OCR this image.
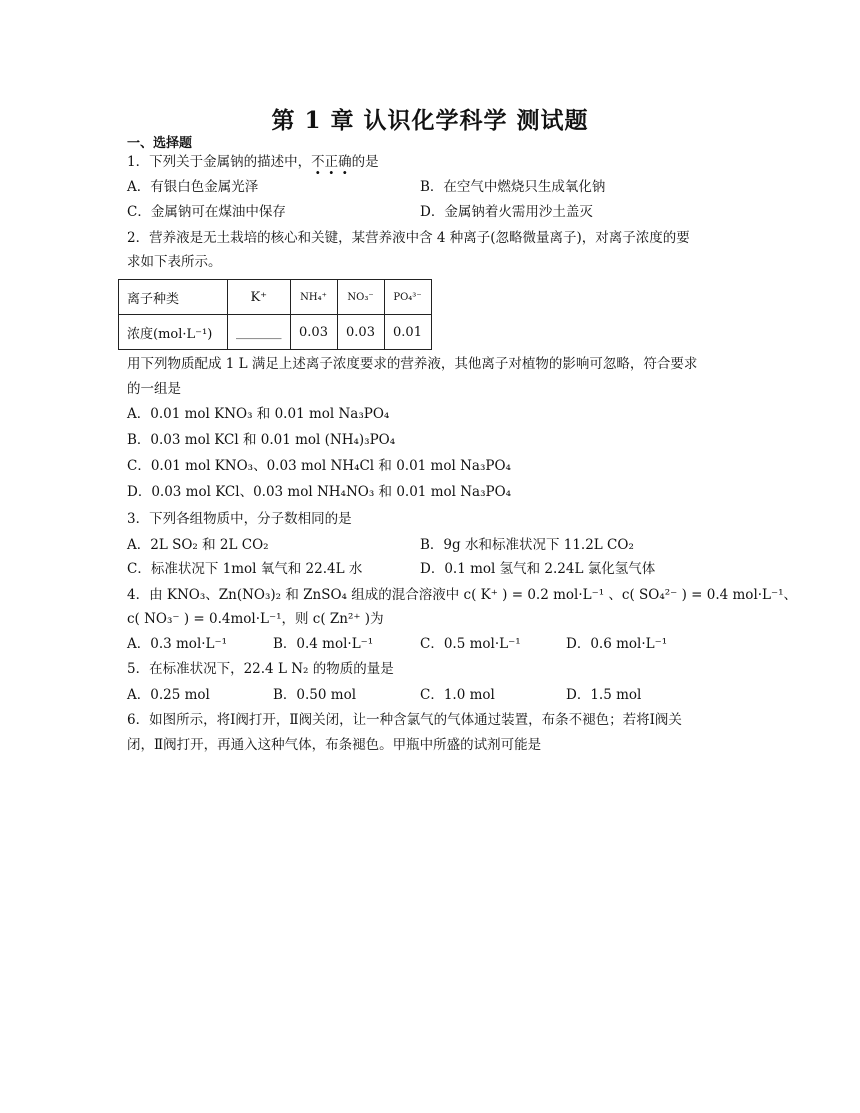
第 1 章 认识化学科学 测试题
一、选择题
1．下列关于金属钠的描述中，不正确的是
A．有银白色金属光泽	B．在空气中燃烧只生成氧化钠
C．金属钠可在煤油中保存	D．金属钠着火需用沙土盖灭
2．营养液是无土栽培的核心和关键，某营养液中含 4 种离子(忽略微量离子)，对离子浓度的要
求如下表所示。
离子种类	K⁺	NH₄⁺	NO₃⁻	PO₄³⁻
浓度(mol·L⁻¹)	_______	0.03	0.03	0.01
用下列物质配成 1 L 满足上述离子浓度要求的营养液，其他离子对植物的影响可忽略，符合要求
的一组是
A．0.01 mol KNO₃ 和 0.01 mol Na₃PO₄
B．0.03 mol KCl 和 0.01 mol (NH₄)₃PO₄
C．0.01 mol KNO₃、0.03 mol NH₄Cl 和 0.01 mol Na₃PO₄
D．0.03 mol KCl、0.03 mol NH₄NO₃ 和 0.01 mol Na₃PO₄
3．下列各组物质中，分子数相同的是
A．2L SO₂ 和 2L CO₂	B．9g 水和标准状况下 11.2L CO₂
C．标准状况下 1mol 氧气和 22.4L 水	D．0.1 mol 氢气和 2.24L 氯化氢气体
4．由 KNO₃、Zn(NO₃)₂ 和 ZnSO₄ 组成的混合溶液中 c( K⁺ ) = 0.2 mol·L⁻¹ 、c( SO₄²⁻ ) = 0.4 mol·L⁻¹、
c( NO₃⁻ ) = 0.4mol·L⁻¹，则 c( Zn²⁺ )为
A．0.3 mol·L⁻¹	B．0.4 mol·L⁻¹	C．0.5 mol·L⁻¹	D．0.6 mol·L⁻¹
5．在标准状况下，22.4 L N₂ 的物质的量是
A．0.25 mol	B．0.50 mol	C．1.0 mol	D．1.5 mol
6．如图所示，将Ⅰ阀打开，Ⅱ阀关闭，让一种含氯气的气体通过装置，布条不褪色；若将Ⅰ阀关
闭，Ⅱ阀打开，再通入这种气体，布条褪色。甲瓶中所盛的试剂可能是
